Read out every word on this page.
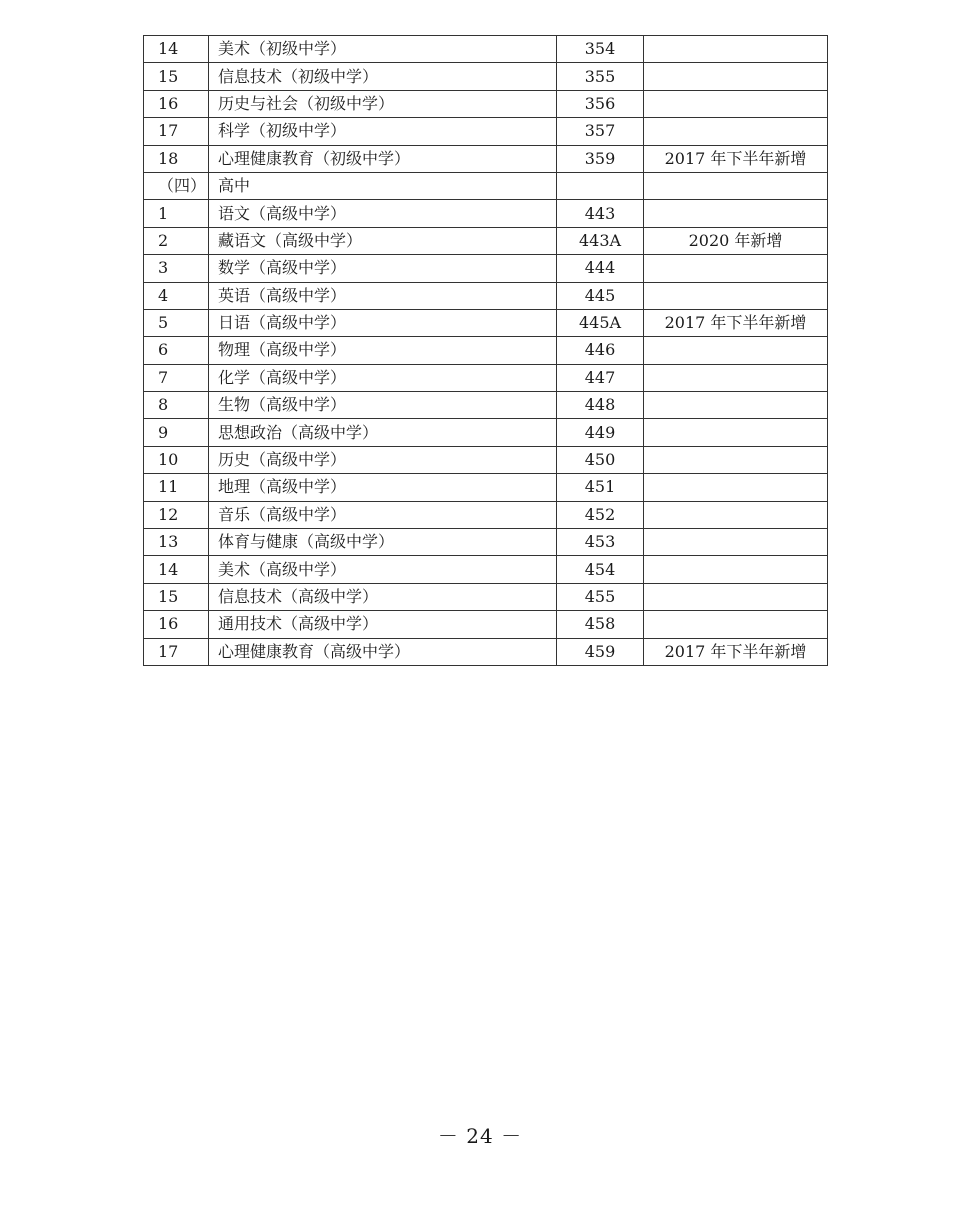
14	美术（初级中学）	354	
15	信息技术（初级中学）	355	
16	历史与社会（初级中学）	356	
17	科学（初级中学）	357	
18	心理健康教育（初级中学）	359	2017 年下半年新增
（四）	高中		
1	语文（高级中学）	443	
2	藏语文（高级中学）	443A	2020 年新增
3	数学（高级中学）	444	
4	英语（高级中学）	445	
5	日语（高级中学）	445A	2017 年下半年新增
6	物理（高级中学）	446	
7	化学（高级中学）	447	
8	生物（高级中学）	448	
9	思想政治（高级中学）	449	
10	历史（高级中学）	450	
11	地理（高级中学）	451	
12	音乐（高级中学）	452	
13	体育与健康（高级中学）	453	
14	美术（高级中学）	454	
15	信息技术（高级中学）	455	
16	通用技术（高级中学）	458	
17	心理健康教育（高级中学）	459	2017 年下半年新增
－ 24 －
